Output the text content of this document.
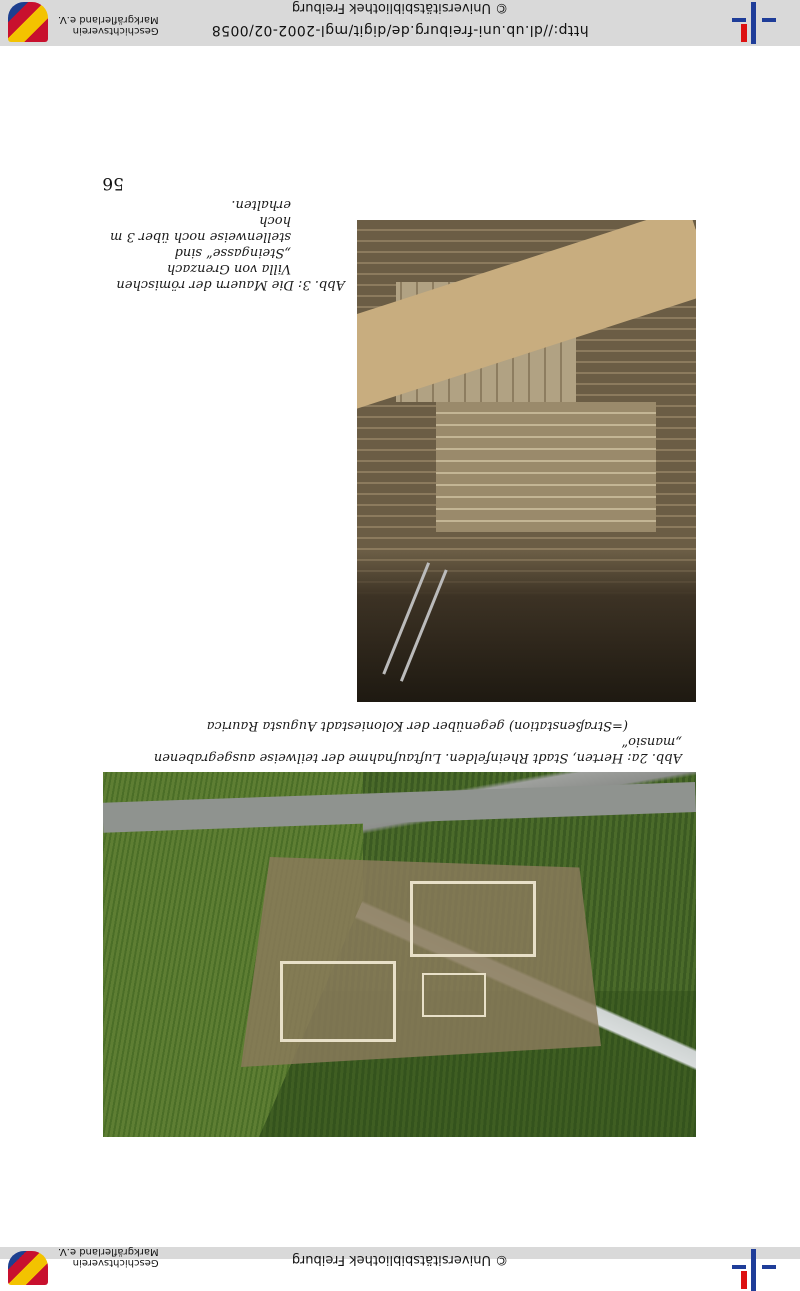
© Universitätsbibliothek Freiburg
Geschichtsverein
Markgräflerland e.V.
Abb. 2a: Herten, Stadt Rheinfelden. Luftaufnahme der teilweise ausgegrabenen „mansio“
(=Straßenstation) gegenüber der Koloniestadt Augusta Raurica
Abb. 3: Die Mauern der römischen
Villa von Grenzach „Steingasse“ sind
stellenweise noch über 3 m hoch
erhalten.
56
http://dl.ub.uni-freiburg.de/digit/mgl-2002-02/0058
© Universitätsbibliothek Freiburg
Geschichtsverein
Markgräflerland e.V.
